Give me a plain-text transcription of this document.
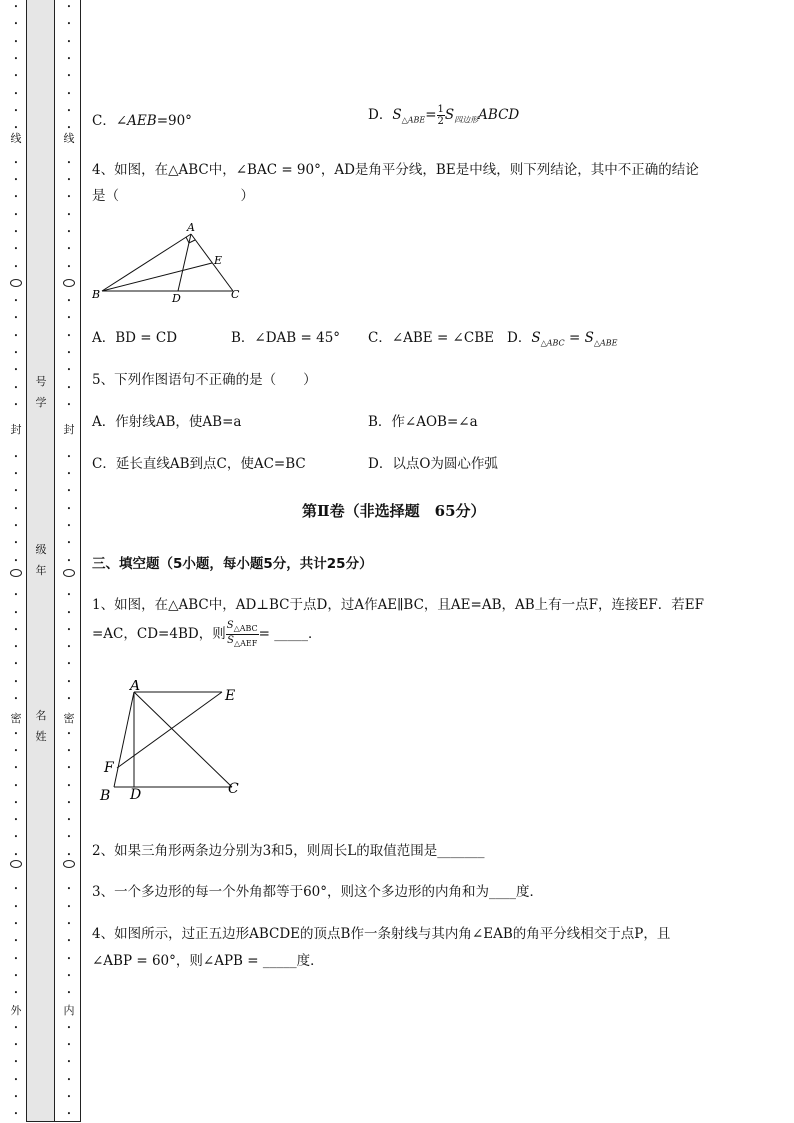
•
•
•
•
•
•
•
•
•
•
•
•
•
•
•
•
•
•
•
•
•
•
•
•
•
•
•
•
•
•
•
•
•
•
•
•
•
•
•
•
•
•
•
•
•
•
•
•
•
•
•
•
•
•
•
•
•
线
封
密
外
•
•
•
•
•
•
•
•
•
•
•
•
•
•
•
•
•
•
•
•
•
•
•
•
•
•
•
•
•
•
•
•
•
•
•
•
•
•
•
•
•
•
•
•
•
•
•
•
•
•
•
•
•
•
•
•
•
线
封
密
内
号
学
级
年
名
姓
C．∠AEB=90°	D．$S_{\triangle ABE}= \frac{1}{2}$ $S_{四边形}ABCD$
4、如图，在△ABC中，∠BAC = 90°，AD是角平分线，BE是中线，则下列结论，其中不正确的结论
是（　　　　　　　　　）
A
E
B	D	C
A．BD = CD	B．∠DAB = 45° C．∠ABE = ∠CBE D．$S_{\triangle ABC} = S_{\triangle ABE}$
5、下列作图语句不正确的是（　　）
A．作射线AB，使AB=a	B．作∠AOB=∠a
C．延长直线AB到点C，使AC=BC	D．以点O为圆心作弧
第Ⅱ卷（非选择题　65分）
三、填空题（5小题，每小题5分，共计25分）
1、如图，在△ABC中，AD⊥BC于点D，过A作AE∥BC，且AE=AB，AB上有一点F，连接EF．若EF
=AC，CD=4BD，则 $\frac{S_{\triangle ABC}}{S_{\triangle AEF}}$ = _____．
A
E
F
B D	C
2、如果三角形两条边分别为3和5，则周长L的取值范围是_______
3、一个多边形的每一个外角都等于60°，则这个多边形的内角和为____度．
4、如图所示，过正五边形ABCDE的顶点B作一条射线与其内角∠EAB的角平分线相交于点P，且
∠ABP = 60°，则∠APB = _____度．
